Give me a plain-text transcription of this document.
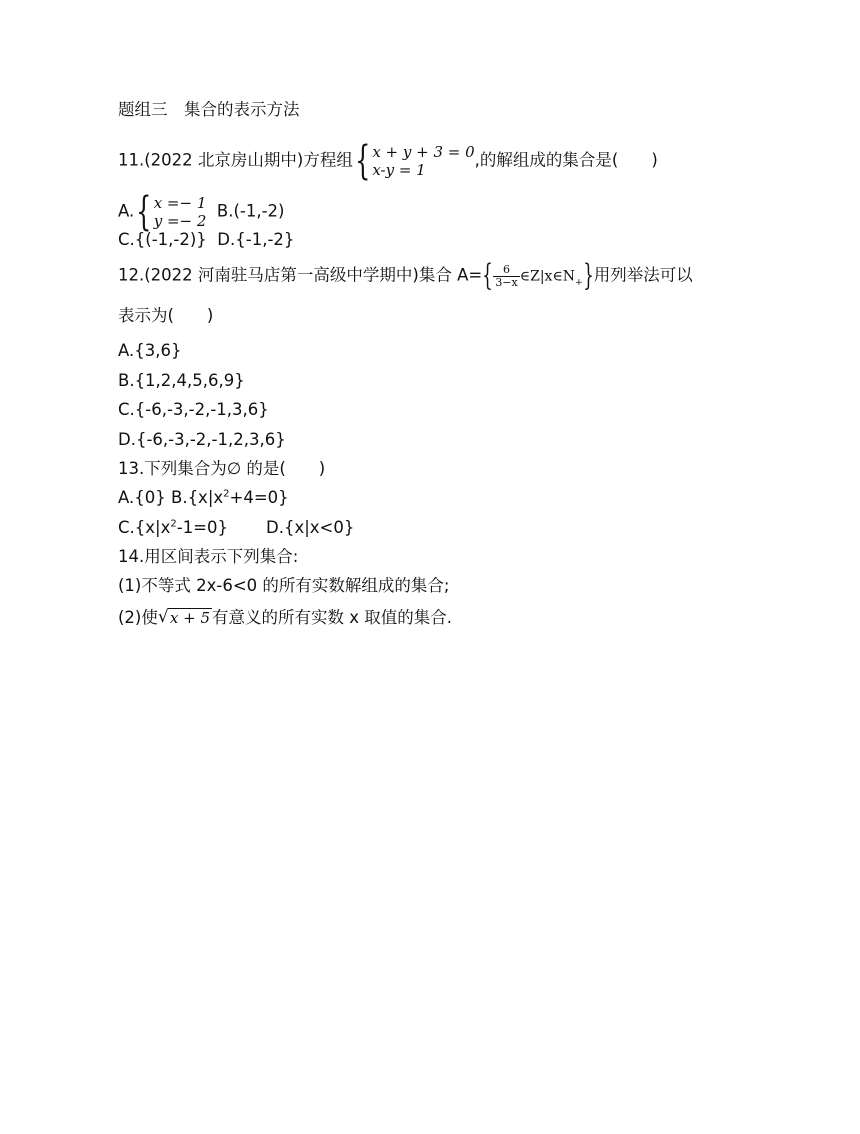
题组三　集合的表示方法
11.(2022 北京房山期中)方程组{ x + y + 3 = 0
x-y = 1
,的解组成的集合是(　　)
A.{ x =− 1
y =− 2
B.(-1,-2)
C.{(-1,-2)} D.{-1,-2}
12.(2022 河南驻马店第一高级中学期中)集合 $A=\{ \frac{6}{3-x}$ $\in Z|x\in N_+$}用列举法可以
表示为(　　)
A.{3,6}
B.{1,2,4,5,6,9}
C.{-6,-3,-2,-1,3,6}
D.{-6,-3,-2,-1,2,3,6}
13.下列集合为∅ 的是(　　)
A.{0} $B.\{x|x^2+4=0\}$
$C.\{x|x^2-1=0\}$ D.{x|x<0}
14.用区间表示下列集合:
(1)不等式 2x-6<0 的所有实数解组成的集合;
(2)使 √ x + 5 有意义的所有实数 x 取值的集合.
